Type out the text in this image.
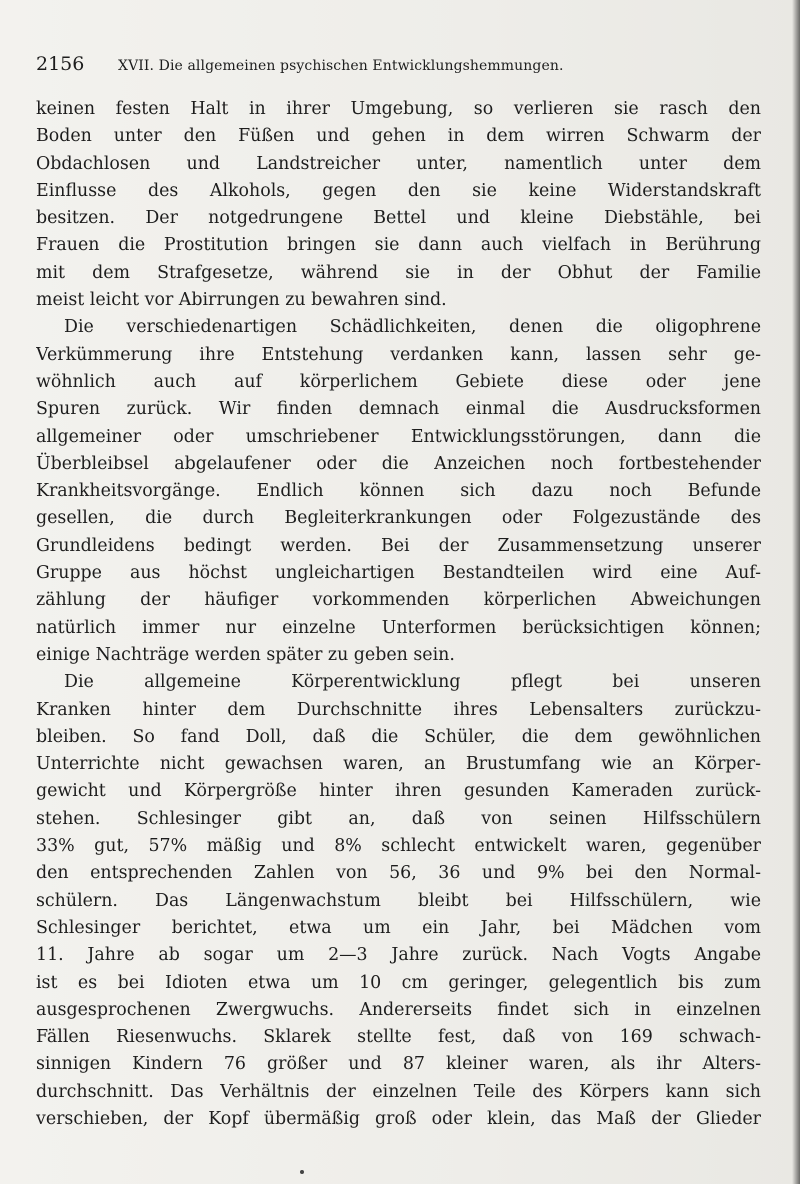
2156 XVII. Die allgemeinen psychischen Entwicklungshemmungen.
keinen festen Halt in ihrer Umgebung, so verlieren sie rasch den
Boden unter den Füßen und gehen in dem wirren Schwarm der
Obdachlosen und Landstreicher unter, namentlich unter dem
Einflusse des Alkohols, gegen den sie keine Widerstandskraft
besitzen. Der notgedrungene Bettel und kleine Diebstähle, bei
Frauen die Prostitution bringen sie dann auch vielfach in Berührung
mit dem Strafgesetze, während sie in der Obhut der Familie
meist leicht vor Abirrungen zu bewahren sind.
Die verschiedenartigen Schädlichkeiten, denen die oligophrene
Verkümmerung ihre Entstehung verdanken kann, lassen sehr ge-
wöhnlich auch auf körperlichem Gebiete diese oder jene
Spuren zurück. Wir finden demnach einmal die Ausdrucksformen
allgemeiner oder umschriebener Entwicklungsstörungen, dann die
Überbleibsel abgelaufener oder die Anzeichen noch fortbestehender
Krankheitsvorgänge. Endlich können sich dazu noch Befunde
gesellen, die durch Begleiterkrankungen oder Folgezustände des
Grundleidens bedingt werden. Bei der Zusammensetzung unserer
Gruppe aus höchst ungleichartigen Bestandteilen wird eine Auf-
zählung der häufiger vorkommenden körperlichen Abweichungen
natürlich immer nur einzelne Unterformen berücksichtigen können;
einige Nachträge werden später zu geben sein.
Die allgemeine Körperentwicklung pflegt bei unseren
Kranken hinter dem Durchschnitte ihres Lebensalters zurückzu-
bleiben. So fand Doll, daß die Schüler, die dem gewöhnlichen
Unterrichte nicht gewachsen waren, an Brustumfang wie an Körper-
gewicht und Körpergröße hinter ihren gesunden Kameraden zurück-
stehen. Schlesinger gibt an, daß von seinen Hilfsschülern
33% gut, 57% mäßig und 8% schlecht entwickelt waren, gegenüber
den entsprechenden Zahlen von 56, 36 und 9% bei den Normal-
schülern. Das Längenwachstum bleibt bei Hilfsschülern, wie
Schlesinger berichtet, etwa um ein Jahr, bei Mädchen vom
11. Jahre ab sogar um 2—3 Jahre zurück. Nach Vogts Angabe
ist es bei Idioten etwa um 10 cm geringer, gelegentlich bis zum
ausgesprochenen Zwergwuchs. Andererseits findet sich in einzelnen
Fällen Riesenwuchs. Sklarek stellte fest, daß von 169 schwach-
sinnigen Kindern 76 größer und 87 kleiner waren, als ihr Alters-
durchschnitt. Das Verhältnis der einzelnen Teile des Körpers kann sich
verschieben, der Kopf übermäßig groß oder klein, das Maß der Glieder
